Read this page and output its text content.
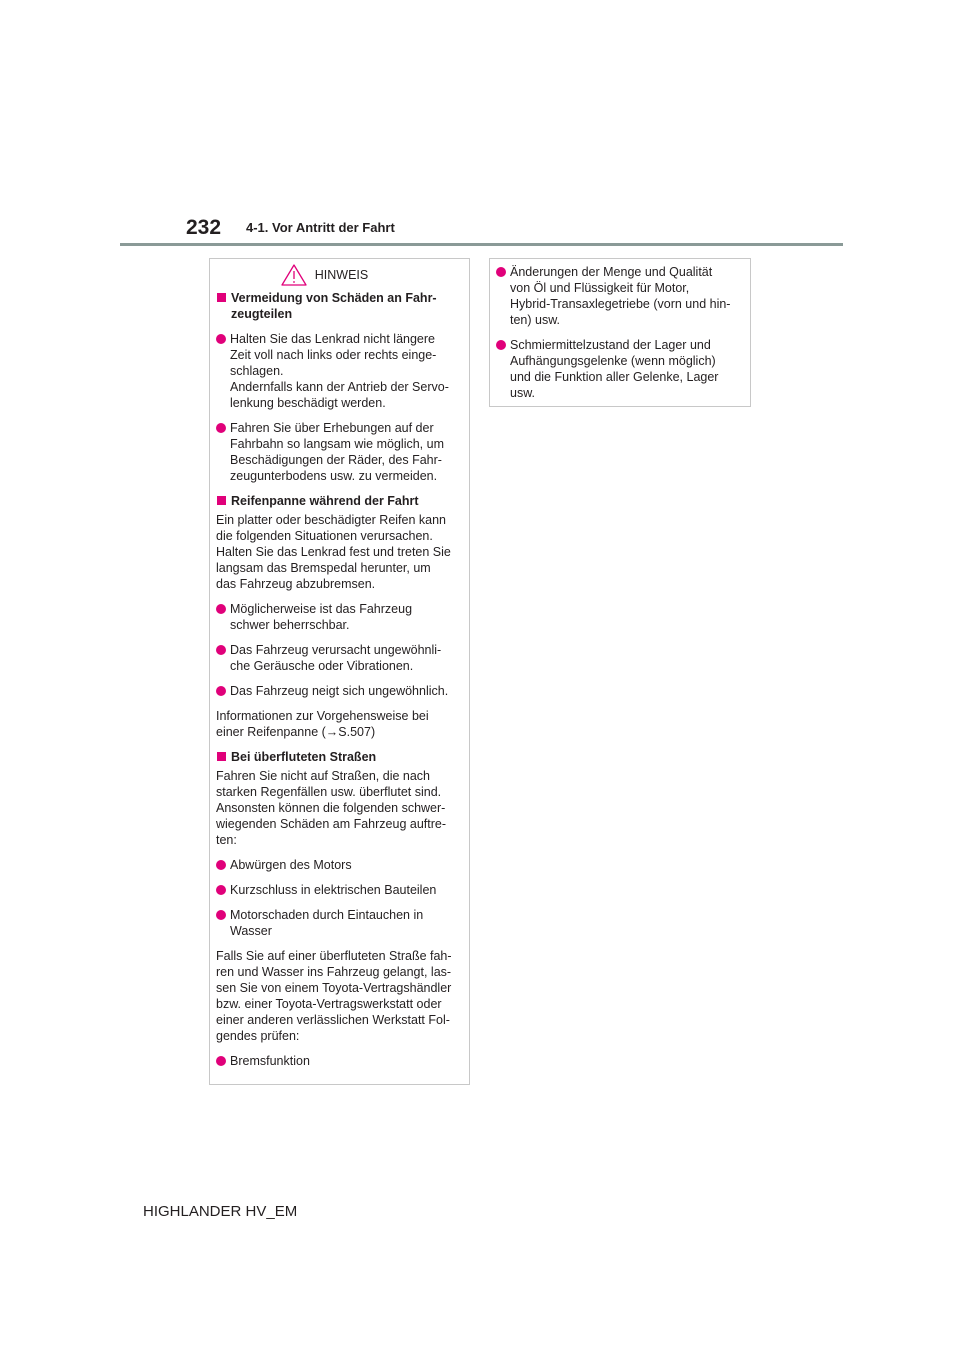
232 4-1. Vor Antritt der Fahrt
HINWEIS
Vermeidung von Schäden an Fahr-
zeugteilen
Halten Sie das Lenkrad nicht längere
Zeit voll nach links oder rechts einge-
schlagen.
Andernfalls kann der Antrieb der Servo-
lenkung beschädigt werden.
Fahren Sie über Erhebungen auf der
Fahrbahn so langsam wie möglich, um
Beschädigungen der Räder, des Fahr-
zeugunterbodens usw. zu vermeiden.
Reifenpanne während der Fahrt
Ein platter oder beschädigter Reifen kann
die folgenden Situationen verursachen.
Halten Sie das Lenkrad fest und treten Sie
langsam das Bremspedal herunter, um
das Fahrzeug abzubremsen.
Möglicherweise ist das Fahrzeug
schwer beherrschbar.
Das Fahrzeug verursacht ungewöhnli-
che Geräusche oder Vibrationen.
Das Fahrzeug neigt sich ungewöhnlich.
Informationen zur Vorgehensweise bei
einer Reifenpanne (→S.507)
Bei überfluteten Straßen
Fahren Sie nicht auf Straßen, die nach
starken Regenfällen usw. überflutet sind.
Ansonsten können die folgenden schwer-
wiegenden Schäden am Fahrzeug auftre-
ten:
Abwürgen des Motors
Kurzschluss in elektrischen Bauteilen
Motorschaden durch Eintauchen in
Wasser
Falls Sie auf einer überfluteten Straße fah-
ren und Wasser ins Fahrzeug gelangt, las-
sen Sie von einem Toyota-Vertragshändler
bzw. einer Toyota-Vertragswerkstatt oder
einer anderen verlässlichen Werkstatt Fol-
gendes prüfen:
Bremsfunktion
Änderungen der Menge und Qualität
von Öl und Flüssigkeit für Motor,
Hybrid-Transaxlegetriebe (vorn und hin-
ten) usw.
Schmiermittelzustand der Lager und
Aufhängungsgelenke (wenn möglich)
und die Funktion aller Gelenke, Lager
usw.
HIGHLANDER HV_EM
